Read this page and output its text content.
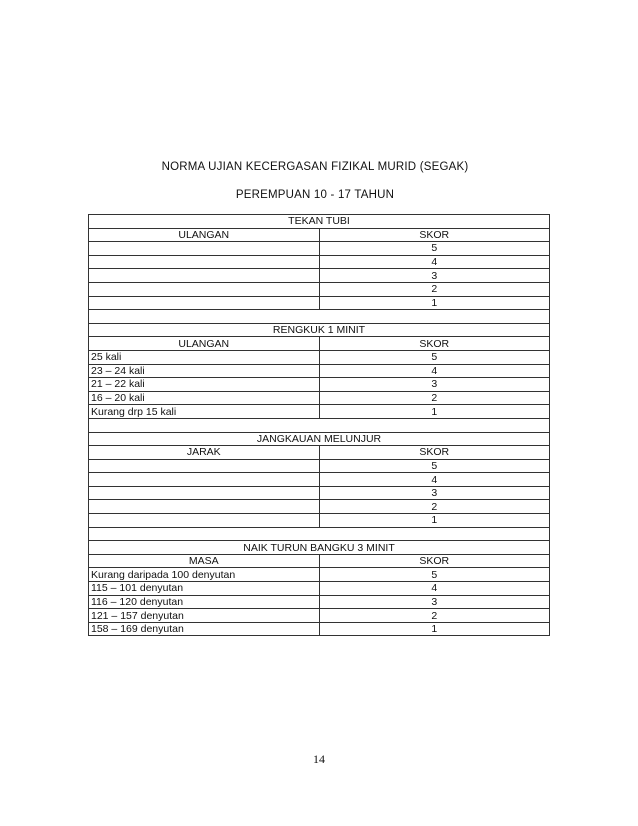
NORMA UJIAN KECERGASAN FIZIKAL MURID (SEGAK)
PEREMPUAN 10 - 17 TAHUN
TEKAN TUBI	
ULANGAN	SKOR
	5
	4
	3
	2
	1

RENGKUK 1 MINIT	
ULANGAN	SKOR
25 kali	5
23 – 24 kali	4
21 – 22 kali	3
16 – 20 kali	2
Kurang drp 15 kali	1

JANGKAUAN MELUNJUR	
JARAK	SKOR
	5
	4
	3
	2
	1

NAIK TURUN BANGKU 3 MINIT	
MASA	SKOR
Kurang daripada 100 denyutan	5
115 – 101 denyutan	4
116 – 120 denyutan	3
121 – 157 denyutan	2
158 – 169 denyutan	1
14
